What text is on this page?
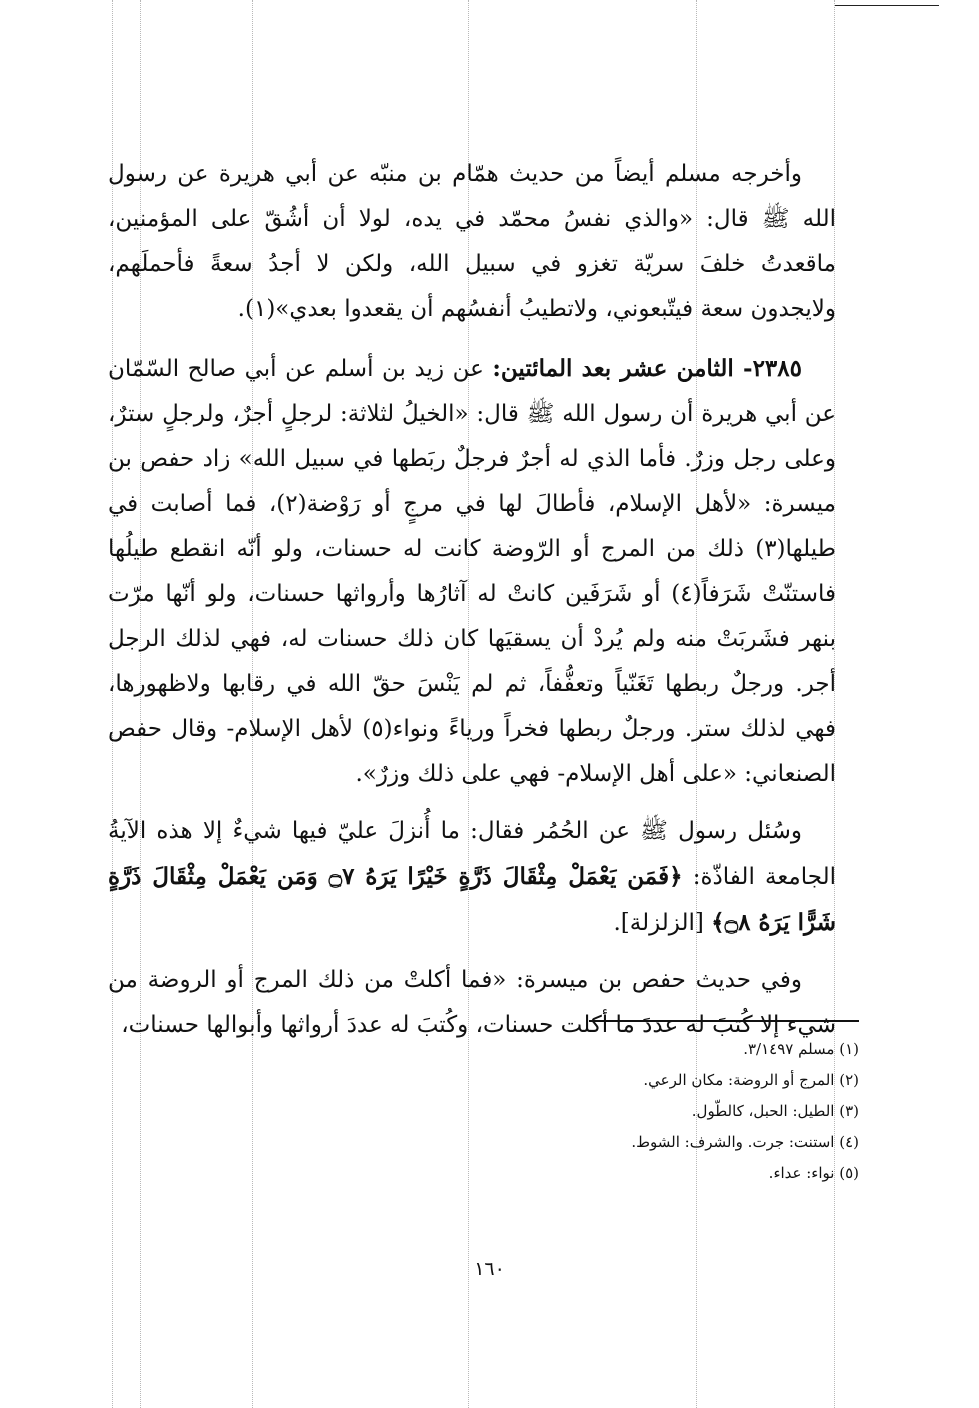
وأخرجه مسلم أيضاً من حديث همّام بن منبّه عن أبي هريرة عن رسول الله ﷺ قال: «والذي نفسُ محمّد في يده، لولا أن أشُقّ على المؤمنين، ماقعدتُ خلفَ سريّة تغزو في سبيل الله، ولكن لا أجدُ سعةً فأحملَهم، ولايجدون سعة فيتّبعوني، ولاتطيبُ أنفسُهم أن يقعدوا بعدي»(١).

٢٣٨٥- الثامن عشر بعد المائتين: عن زيد بن أسلم عن أبي صالح السّمّان عن أبي هريرة أن رسول الله ﷺ قال: «الخيلُ لثلاثة: لرجلٍ أجرٌ، ولرجلٍ سترٌ، وعلى رجل وزرٌ. فأما الذي له أجرٌ فرجلٌ ربَطها في سبيل الله» زاد حفص بن ميسرة: «لأهل الإسلام، فأطالَ لها في مرجٍ أو رَوْضة(٢)، فما أصابت في طيلها(٣) ذلك من المرج أو الرّوضة كانت له حسنات، ولو أنّه انقطع طيلُها فاستنّتْ شَرَفاً(٤) أو شَرَفَين كانتْ له آثارُها وأرواثها حسنات، ولو أنّها مرّت بنهر فشَربَتْ منه ولم يُردْ أن يسقيَها كان ذلك حسنات له، فهي لذلك الرجل أجر. ورجلٌ ربطها تَغَنّياً وتعفُّفاً، ثم لم يَنْسَ حقّ الله في رقابها ولاظهورها، فهي لذلك ستر. ورجلٌ ربطها فخراً ورياءً ونواء(٥) لأهل الإسلام- وقال حفص الصنعاني: «على أهل الإسلام- فهي على ذلك وزرٌ».

وسُئل رسول ﷺ عن الحُمُر فقال: ما أُنزلَ عليّ فيها شيءٌ إلا هذه الآيةُ الجامعة الفاذّة: ﴿فَمَن يَعْمَلْ مِثْقَالَ ذَرَّةٍ خَيْرًا يَرَهُ ۝٧ وَمَن يَعْمَلْ مِثْقَالَ ذَرَّةٍ شَرًّا يَرَهُ ۝٨﴾ [الزلزلة].

وفي حديث حفص بن ميسرة: «فما أكلتْ من ذلك المرج أو الروضة من شيء إلا كُتبَ له عددَ ما أكلت حسنات، وكُتبَ له عددَ أرواثها وأبوالها حسنات،

(١) مسلم ٣/١٤٩٧.

(٢) المرج أو الروضة: مكان الرعي.

(٣) الطيل: الحبل، كالطّول.

(٤) استنت: جرت. والشرف: الشوط.

(٥) نواء: عداء.

١٦٠
